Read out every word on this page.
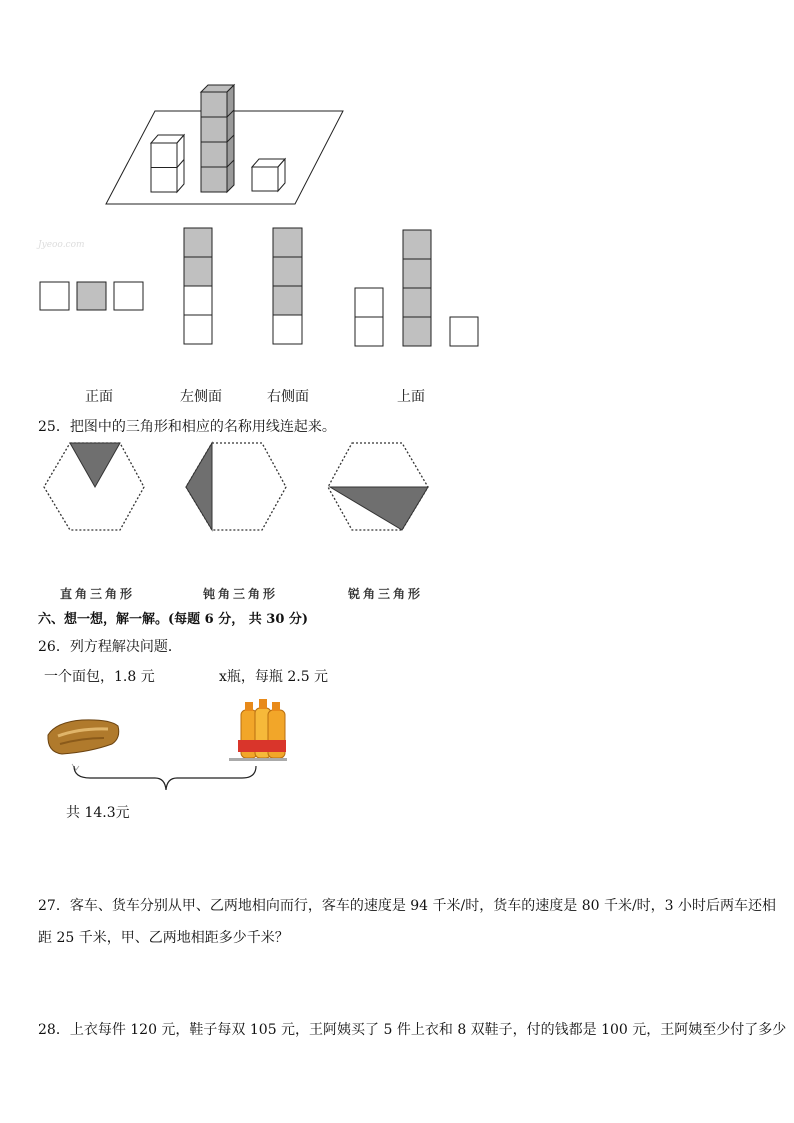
Jyeoo.com
正面	左侧面	右侧面	上面
25．把图中的三角形和相应的名称用线连起来。
直角三角形	钝角三角形	锐角三角形
六、想一想，解一解。(每题 6 分， 共 30 分)
26．列方程解决问题．
一个面包，1.8 元	x瓶，每瓶 2.5 元
共 14.3元
27．客车、货车分别从甲、乙两地相向而行，客车的速度是 94 千米/时，货车的速度是 80 千米/时，3 小时后两车还相
距 25 千米，甲、乙两地相距多少千米？
28．上衣每件 120 元，鞋子每双 105 元，王阿姨买了 5 件上衣和 8 双鞋子，付的钱都是 100 元，王阿姨至少付了多少
